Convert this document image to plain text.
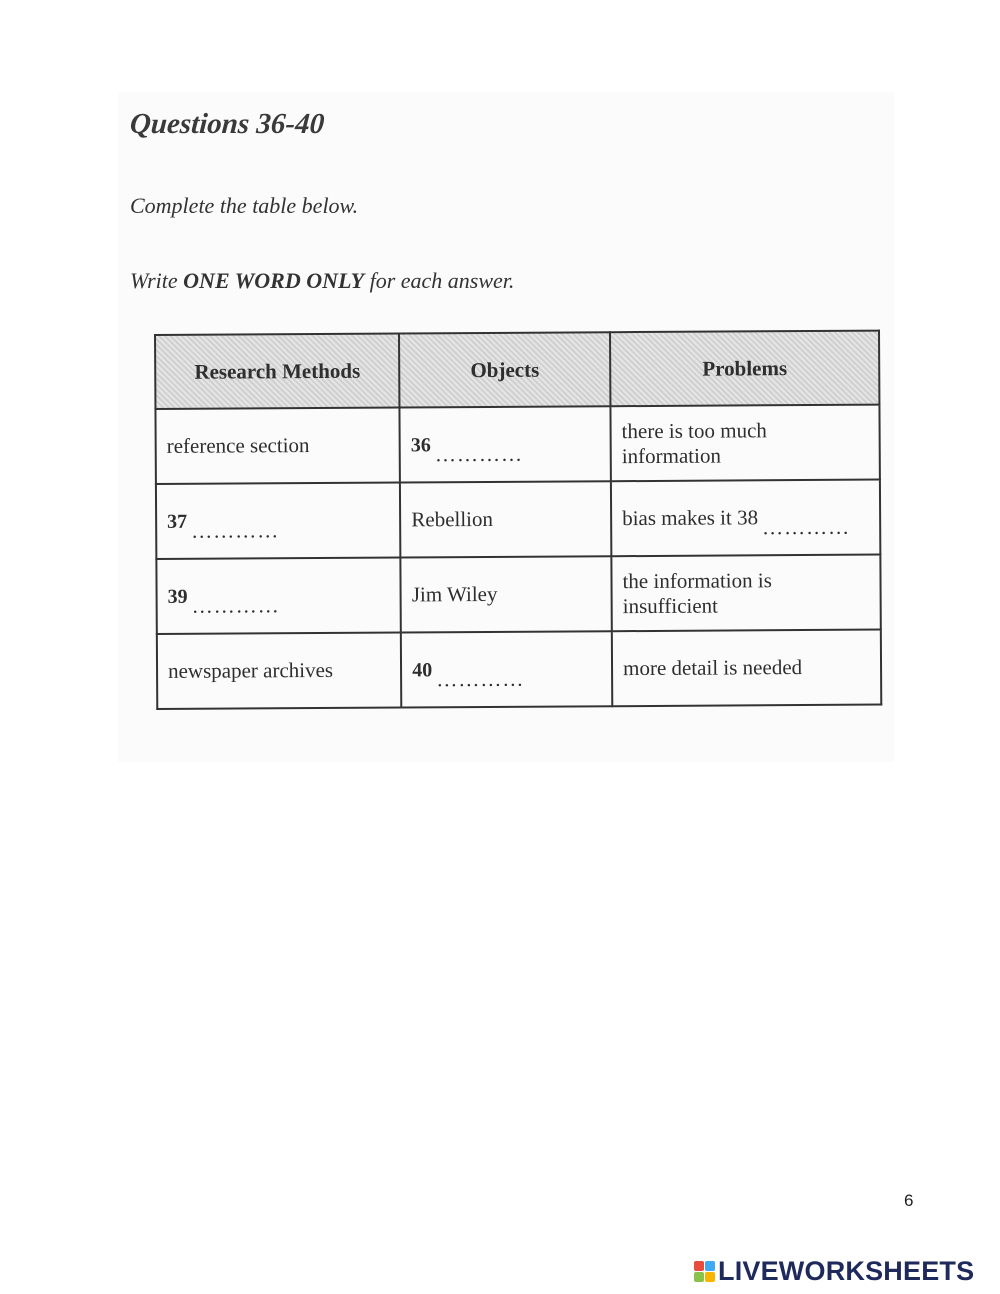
Questions 36-40
Complete the table below.
Write ONE WORD ONLY for each answer.
Research Methods	Objects	Problems
reference section	36 …………	there is too much information
37 …………	Rebellion	bias makes it 38 …………
39 …………	Jim Wiley	the information is insufficient
newspaper archives	40 …………	more detail is needed
6
LIVEWORKSHEETS
